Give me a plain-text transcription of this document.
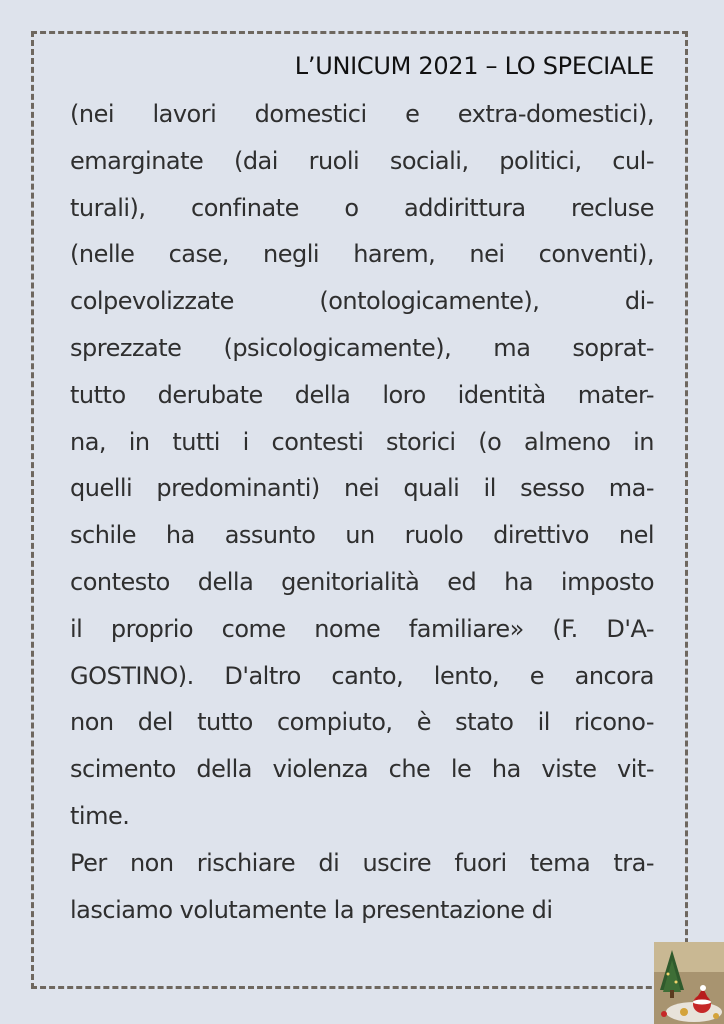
L’UNICUM 2021 – LO SPECIALE
(nei lavori domestici e extra-domestici),
emarginate (dai ruoli sociali, politici, cul-
turali), confinate o addirittura recluse
(nelle case, negli harem, nei conventi),
colpevolizzate (ontologicamente), di-
sprezzate (psicologicamente), ma soprat-
tutto derubate della loro identità mater-
na, in tutti i contesti storici (o almeno in
quelli predominanti) nei quali il sesso ma-
schile ha assunto un ruolo direttivo nel
contesto della genitorialità ed ha imposto
il proprio come nome familiare» (F. D'A-
GOSTINO). D'altro canto, lento, e ancora
non del tutto compiuto, è stato il ricono-
scimento della violenza che le ha viste vit-
time.
Per non rischiare di uscire fuori tema tra-
lasciamo volutamente la presentazione di
